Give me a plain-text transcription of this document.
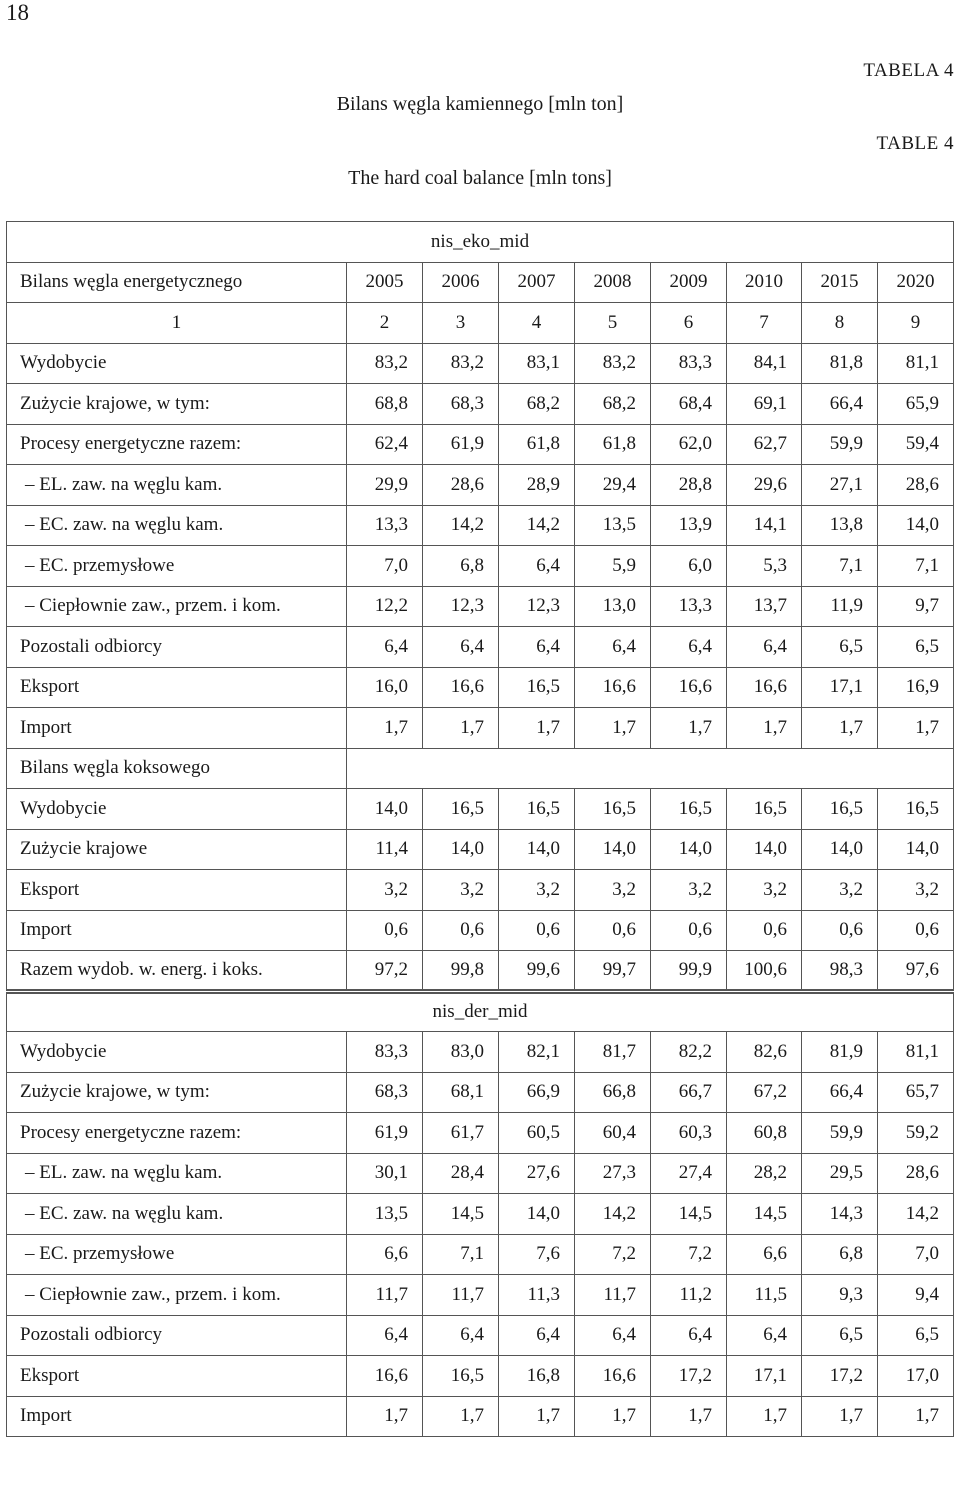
18
TABELA 4
Bilans węgla kamiennego [mln ton]
TABLE 4
The hard coal balance [mln tons]
nis_eko_mid								
Bilans węgla energetycznego	2005	2006	2007	2008	2009	2010	2015	2020
1	2	3	4	5	6	7	8	9
Wydobycie	83,2	83,2	83,1	83,2	83,3	84,1	81,8	81,1
Zużycie krajowe, w tym:	68,8	68,3	68,2	68,2	68,4	69,1	66,4	65,9
Procesy energetyczne razem:	62,4	61,9	61,8	61,8	62,0	62,7	59,9	59,4
– EL. zaw. na węglu kam.	29,9	28,6	28,9	29,4	28,8	29,6	27,1	28,6
– EC. zaw. na węglu kam.	13,3	14,2	14,2	13,5	13,9	14,1	13,8	14,0
– EC. przemysłowe	7,0	6,8	6,4	5,9	6,0	5,3	7,1	7,1
– Ciepłownie zaw., przem. i kom.	12,2	12,3	12,3	13,0	13,3	13,7	11,9	9,7
Pozostali odbiorcy	6,4	6,4	6,4	6,4	6,4	6,4	6,5	6,5
Eksport	16,0	16,6	16,5	16,6	16,6	16,6	17,1	16,9
Import	1,7	1,7	1,7	1,7	1,7	1,7	1,7	1,7
Bilans węgla koksowego								
Wydobycie	14,0	16,5	16,5	16,5	16,5	16,5	16,5	16,5
Zużycie krajowe	11,4	14,0	14,0	14,0	14,0	14,0	14,0	14,0
Eksport	3,2	3,2	3,2	3,2	3,2	3,2	3,2	3,2
Import	0,6	0,6	0,6	0,6	0,6	0,6	0,6	0,6
Razem wydob. w. energ. i koks.	97,2	99,8	99,6	99,7	99,9	100,6	98,3	97,6
nis_der_mid								
Wydobycie	83,3	83,0	82,1	81,7	82,2	82,6	81,9	81,1
Zużycie krajowe, w tym:	68,3	68,1	66,9	66,8	66,7	67,2	66,4	65,7
Procesy energetyczne razem:	61,9	61,7	60,5	60,4	60,3	60,8	59,9	59,2
– EL. zaw. na węglu kam.	30,1	28,4	27,6	27,3	27,4	28,2	29,5	28,6
– EC. zaw. na węglu kam.	13,5	14,5	14,0	14,2	14,5	14,5	14,3	14,2
– EC. przemysłowe	6,6	7,1	7,6	7,2	7,2	6,6	6,8	7,0
– Ciepłownie zaw., przem. i kom.	11,7	11,7	11,3	11,7	11,2	11,5	9,3	9,4
Pozostali odbiorcy	6,4	6,4	6,4	6,4	6,4	6,4	6,5	6,5
Eksport	16,6	16,5	16,8	16,6	17,2	17,1	17,2	17,0
Import	1,7	1,7	1,7	1,7	1,7	1,7	1,7	1,7
